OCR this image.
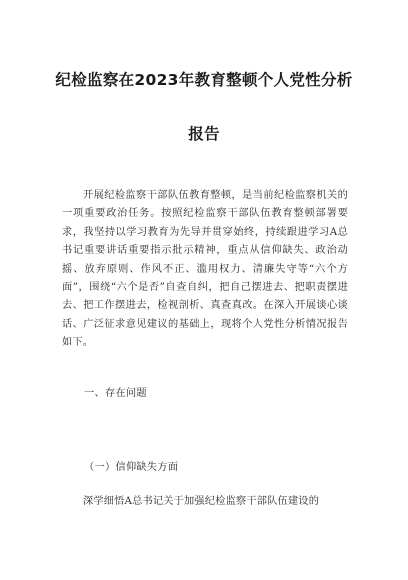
纪检监察在2023年教育整顿个人党性分析
报告
开展纪检监察干部队伍教育整顿，是当前纪检监察机关的一项重要政治任务。按照纪检监察干部队伍教育整顿部署要求，我坚持以学习教育为先导并贯穿始终，持续跟进学习A总书记重要讲话重要指示批示精神，重点从信仰缺失、政治动摇、放弃原则、作风不正、滥用权力、清廉失守等“六个方面”，围绕“六个是否”自查自纠，把自己摆进去、把职责摆进去、把工作摆进去，检视剖析、真查真改。在深入开展谈心谈话、广泛征求意见建议的基础上，现将个人党性分析情况报告如下。
一、存在问题
（一）信仰缺失方面
深学细悟A总书记关于加强纪检监察干部队伍建设的
